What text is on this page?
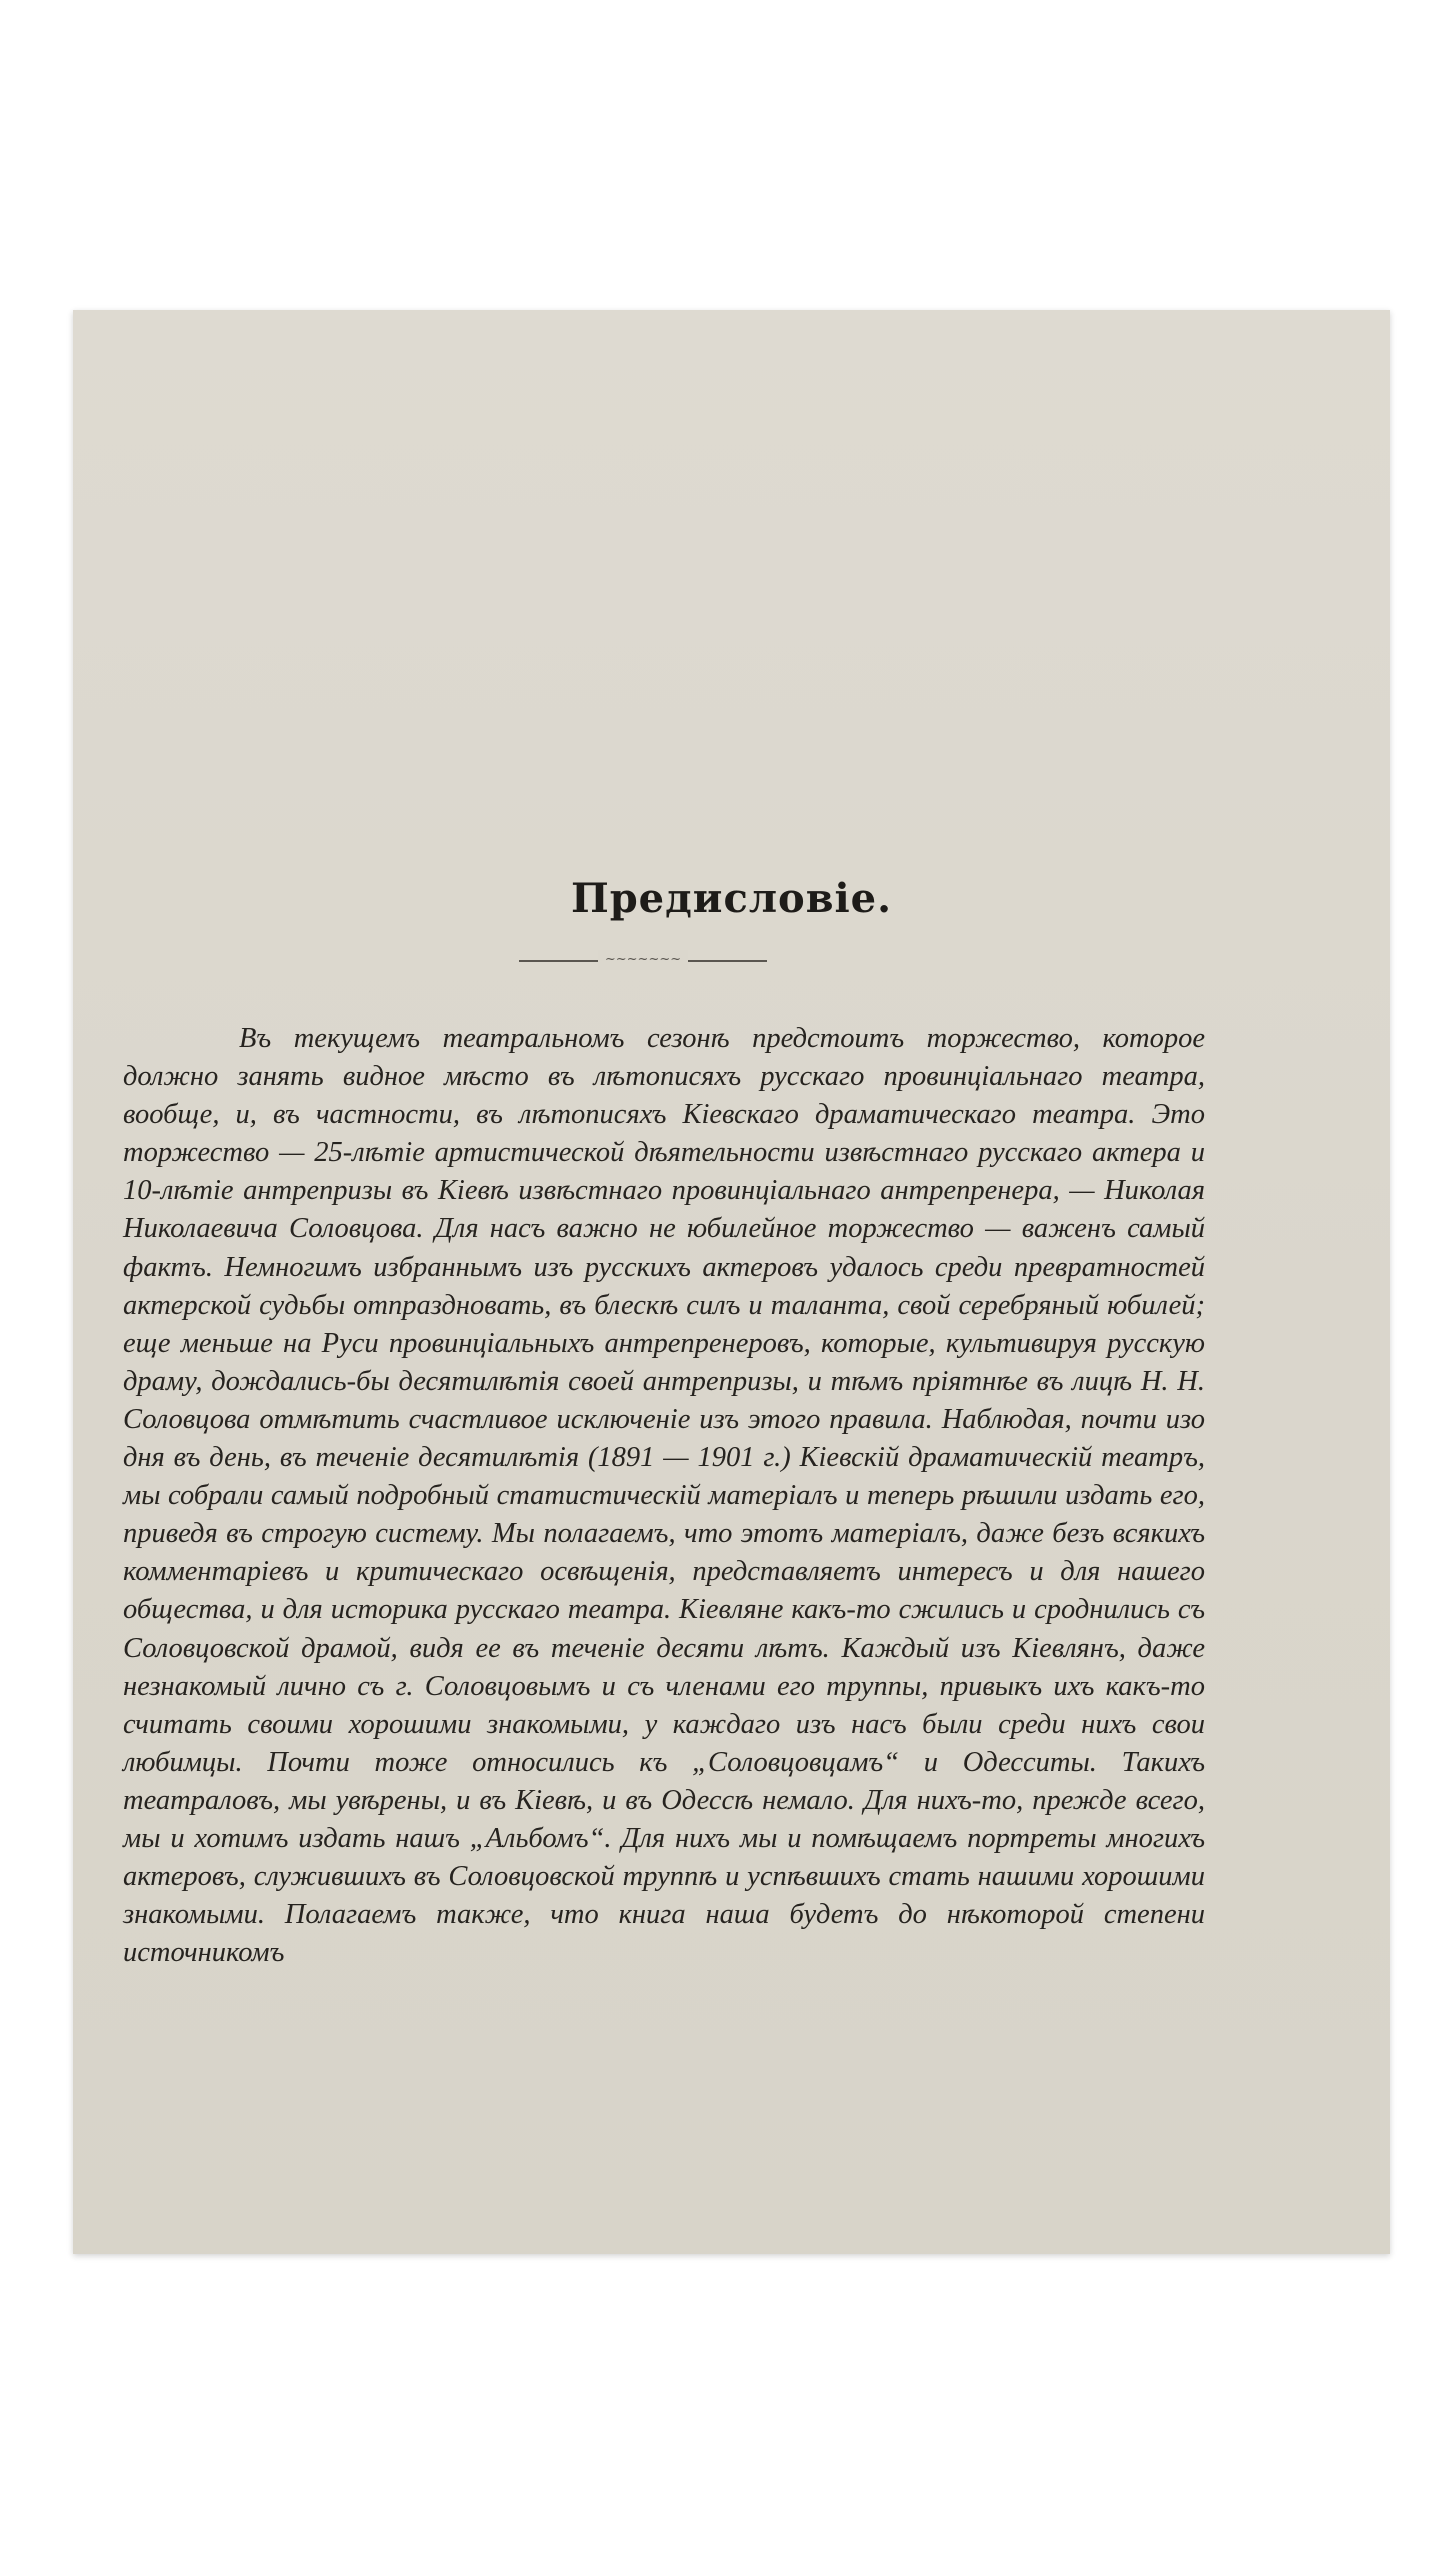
Предисловіе.
~~~~~~~

Въ текущемъ театральномъ сезонѣ предстоитъ торжество, которое должно занять видное мѣсто въ лѣтописяхъ русскаго провинціальнаго театра, вообще, и, въ частности, въ лѣтописяхъ Кіевскаго драматическаго театра. Это торжество — 25-лѣтіе артистической дѣятельности извѣстнаго русскаго актера и 10-лѣтіе антрепризы въ Кіевѣ извѣстнаго провинціальнаго антрепренера, — Николая Николаевича Соловцова. Для насъ важно не юбилейное торжество — важенъ самый фактъ. Немногимъ избраннымъ изъ русскихъ актеровъ удалось среди превратностей актерской судьбы отпраздновать, въ блескѣ силъ и таланта, свой серебряный юбилей; еще меньше на Руси провинціальныхъ антрепренеровъ, которые, культивируя русскую драму, дождались-бы десятилѣтія своей антрепризы, и тѣмъ пріятнѣе въ лицѣ Н. Н. Соловцова отмѣтить счастливое исключеніе изъ этого правила. Наблюдая, почти изо дня въ день, въ теченіе десятилѣтія (1891 — 1901 г.) Кіевскій драматическій театръ, мы собрали самый подробный статистическій матеріалъ и теперь рѣшили издать его, приведя въ строгую систему. Мы полагаемъ, что этотъ матеріалъ, даже безъ всякихъ комментаріевъ и критическаго освѣщенія, представляетъ интересъ и для нашего общества, и для историка русскаго театра. Кіевляне какъ-то сжились и сроднились съ Соловцовской драмой, видя ее въ теченіе десяти лѣтъ. Каждый изъ Кіевлянъ, даже незнакомый лично съ г. Соловцовымъ и съ членами его труппы, привыкъ ихъ какъ-то считать своими хорошими знакомыми, у каждаго изъ насъ были среди нихъ свои любимцы. Почти тоже относились къ „Соловцовцамъ“ и Одесситы. Такихъ театраловъ, мы увѣрены, и въ Кіевѣ, и въ Одессѣ немало. Для нихъ-то, прежде всего, мы и хотимъ издать нашъ „Альбомъ“. Для нихъ мы и помѣщаемъ портреты многихъ актеровъ, служившихъ въ Соловцовской труппѣ и успѣвшихъ стать нашими хорошими знакомыми. Полагаемъ также, что книга наша будетъ до нѣкоторой степени источникомъ
